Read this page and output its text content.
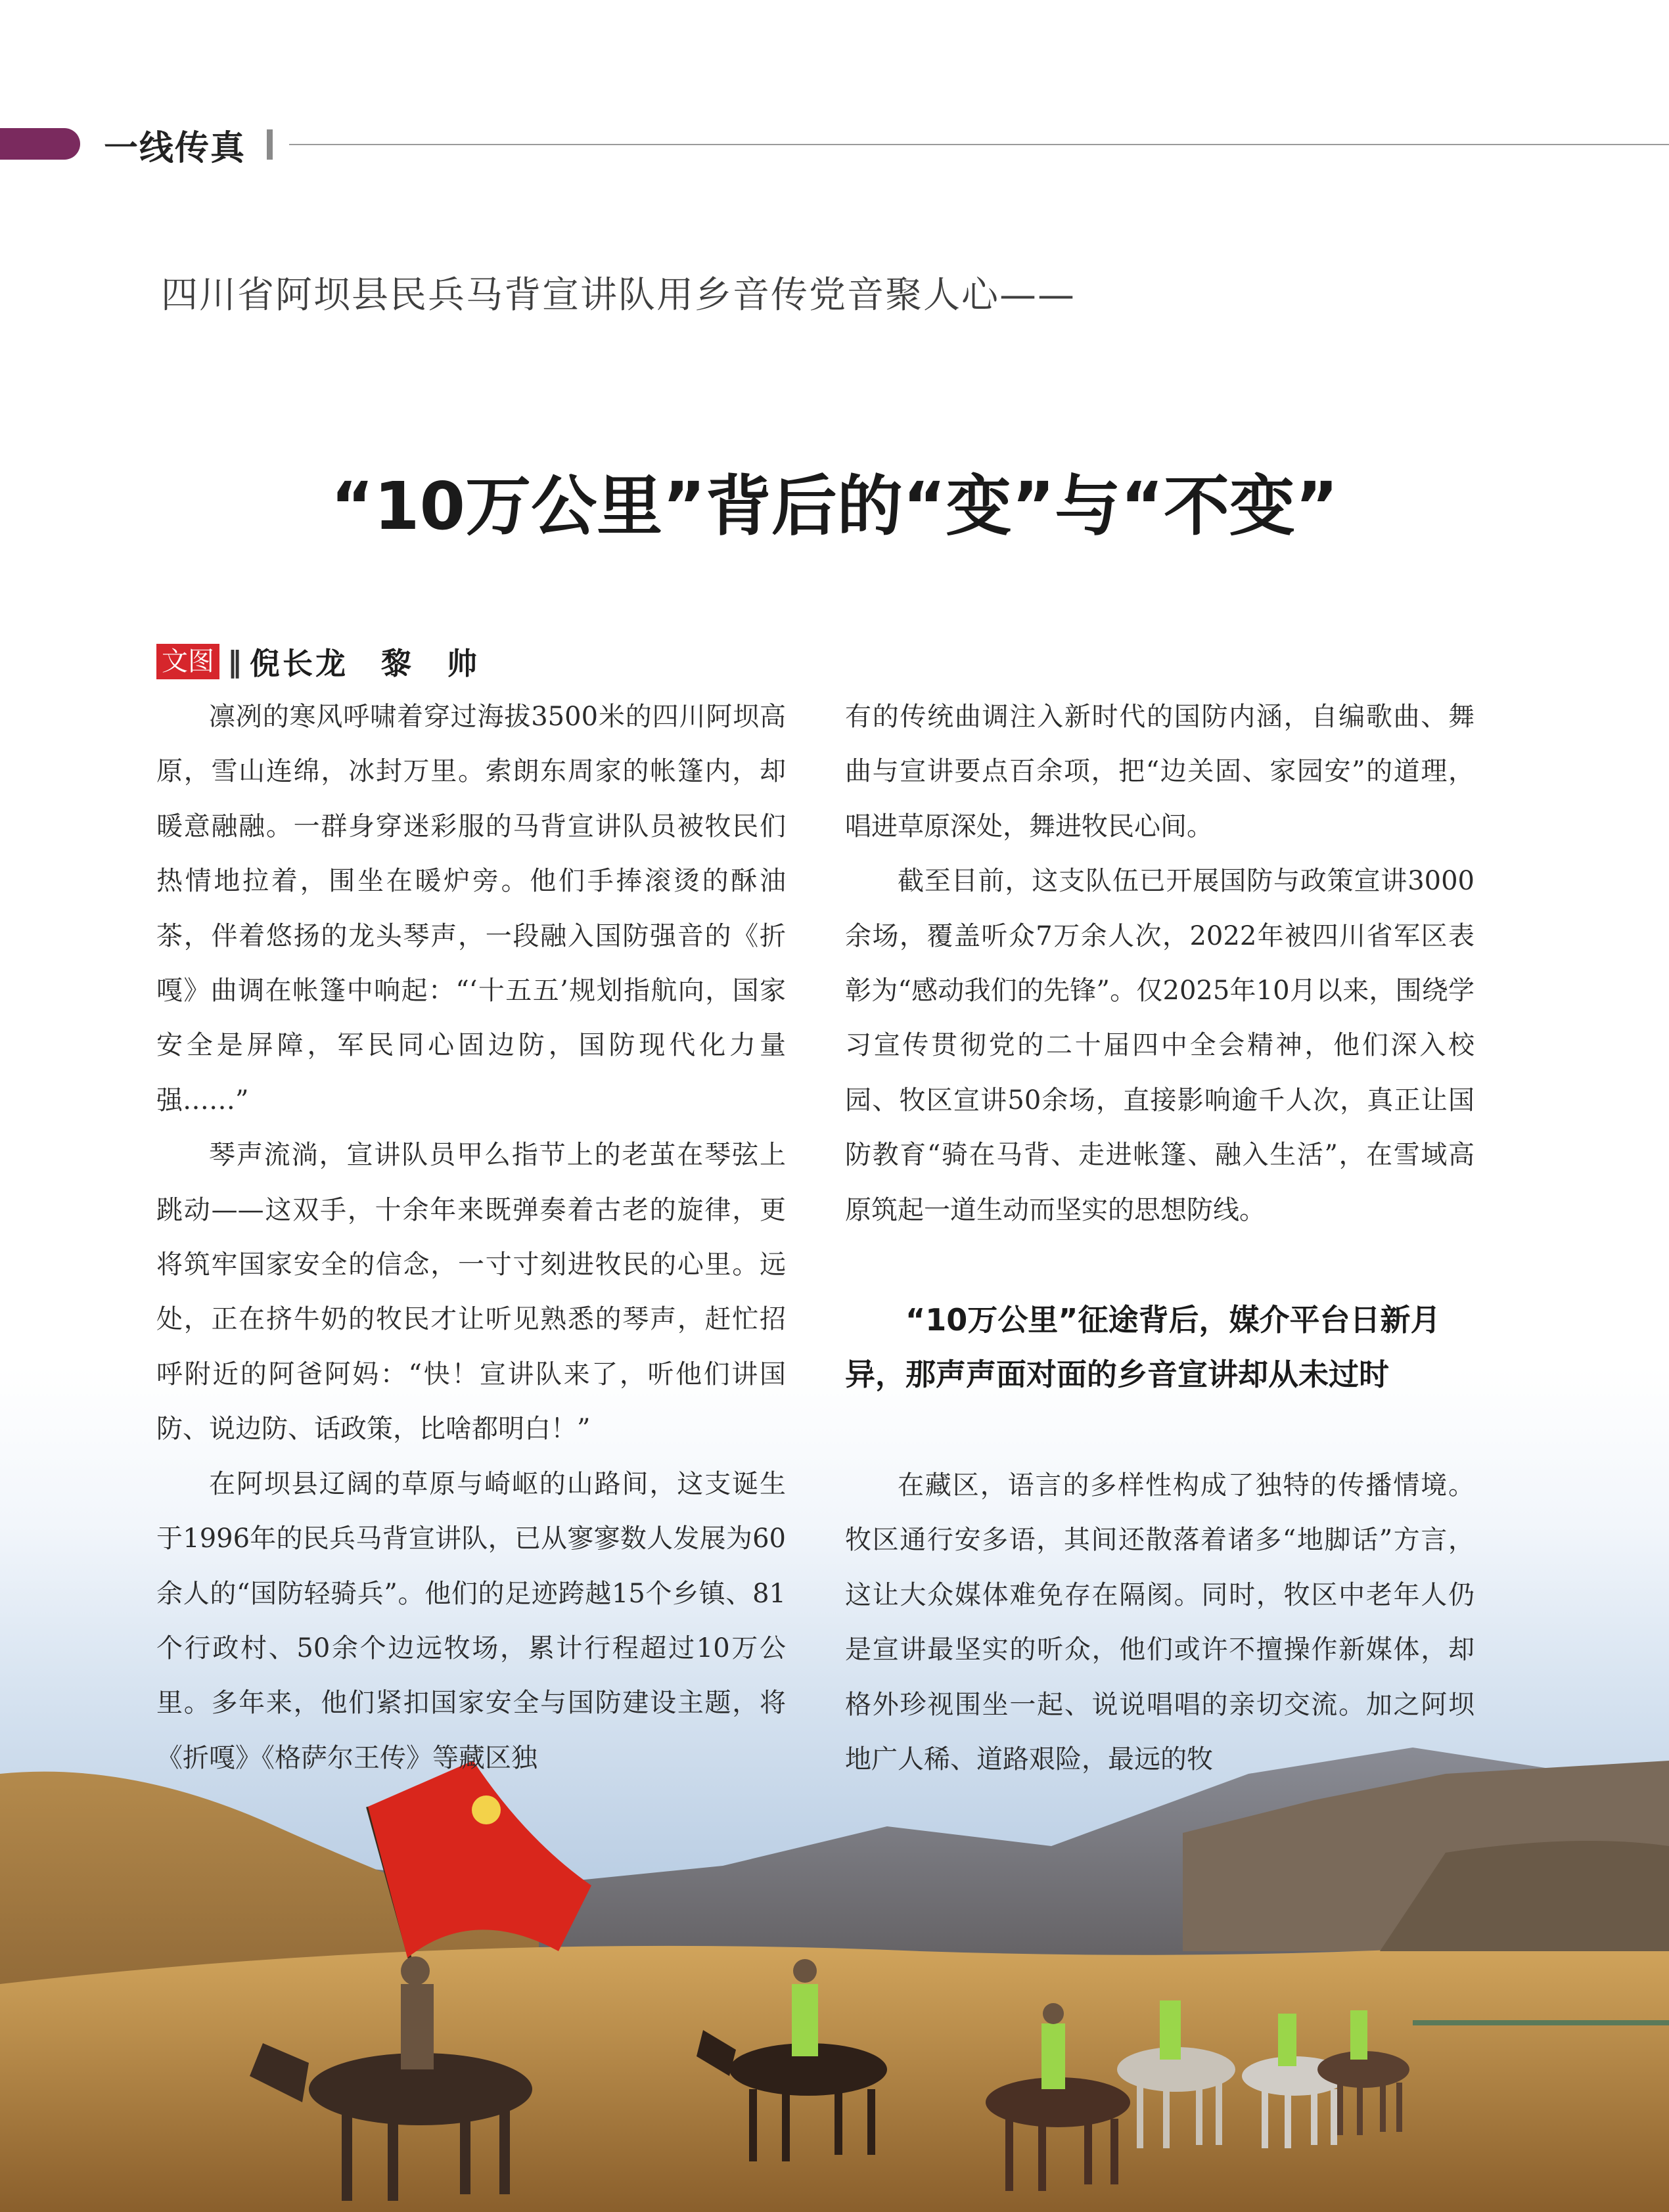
一线传真
四川省阿坝县民兵马背宣讲队用乡音传党音聚人心——
“10万公里”背后的“变”与“不变”
文图 ‖ 倪长龙　黎　帅

凛冽的寒风呼啸着穿过海拔3500米的四川阿坝高原，雪山连绵，冰封万里。索朗东周家的帐篷内，却暖意融融。一群身穿迷彩服的马背宣讲队员被牧民们热情地拉着，围坐在暖炉旁。他们手捧滚烫的酥油茶，伴着悠扬的龙头琴声，一段融入国防强音的《折嘎》曲调在帐篷中响起：“‘十五五’规划指航向，国家安全是屏障，军民同心固边防，国防现代化力量强……”

琴声流淌，宣讲队员甲么指节上的老茧在琴弦上跳动——这双手，十余年来既弹奏着古老的旋律，更将筑牢国家安全的信念，一寸寸刻进牧民的心里。远处，正在挤牛奶的牧民才让听见熟悉的琴声，赶忙招呼附近的阿爸阿妈：“快！宣讲队来了，听他们讲国防、说边防、话政策，比啥都明白！”

在阿坝县辽阔的草原与崎岖的山路间，这支诞生于1996年的民兵马背宣讲队，已从寥寥数人发展为60余人的“国防轻骑兵”。他们的足迹跨越15个乡镇、81个行政村、50余个边远牧场，累计行程超过10万公里。多年来，他们紧扣国家安全与国防建设主题，将《折嘎》《格萨尔王传》等藏区独

有的传统曲调注入新时代的国防内涵，自编歌曲、舞曲与宣讲要点百余项，把“边关固、家园安”的道理，唱进草原深处，舞进牧民心间。

截至目前，这支队伍已开展国防与政策宣讲3000余场，覆盖听众7万余人次，2022年被四川省军区表彰为“感动我们的先锋”。仅2025年10月以来，围绕学习宣传贯彻党的二十届四中全会精神，他们深入校园、牧区宣讲50余场，直接影响逾千人次，真正让国防教育“骑在马背、走进帐篷、融入生活”，在雪域高原筑起一道生动而坚实的思想防线。

“10万公里”征途背后，媒介平台日新月异，那声声面对面的乡音宣讲却从未过时

在藏区，语言的多样性构成了独特的传播情境。牧区通行安多语，其间还散落着诸多“地脚话”方言，这让大众媒体难免存在隔阂。同时，牧区中老年人仍是宣讲最坚实的听众，他们或许不擅操作新媒体，却格外珍视围坐一起、说说唱唱的亲切交流。加之阿坝地广人稀、道路艰险，最远的牧
